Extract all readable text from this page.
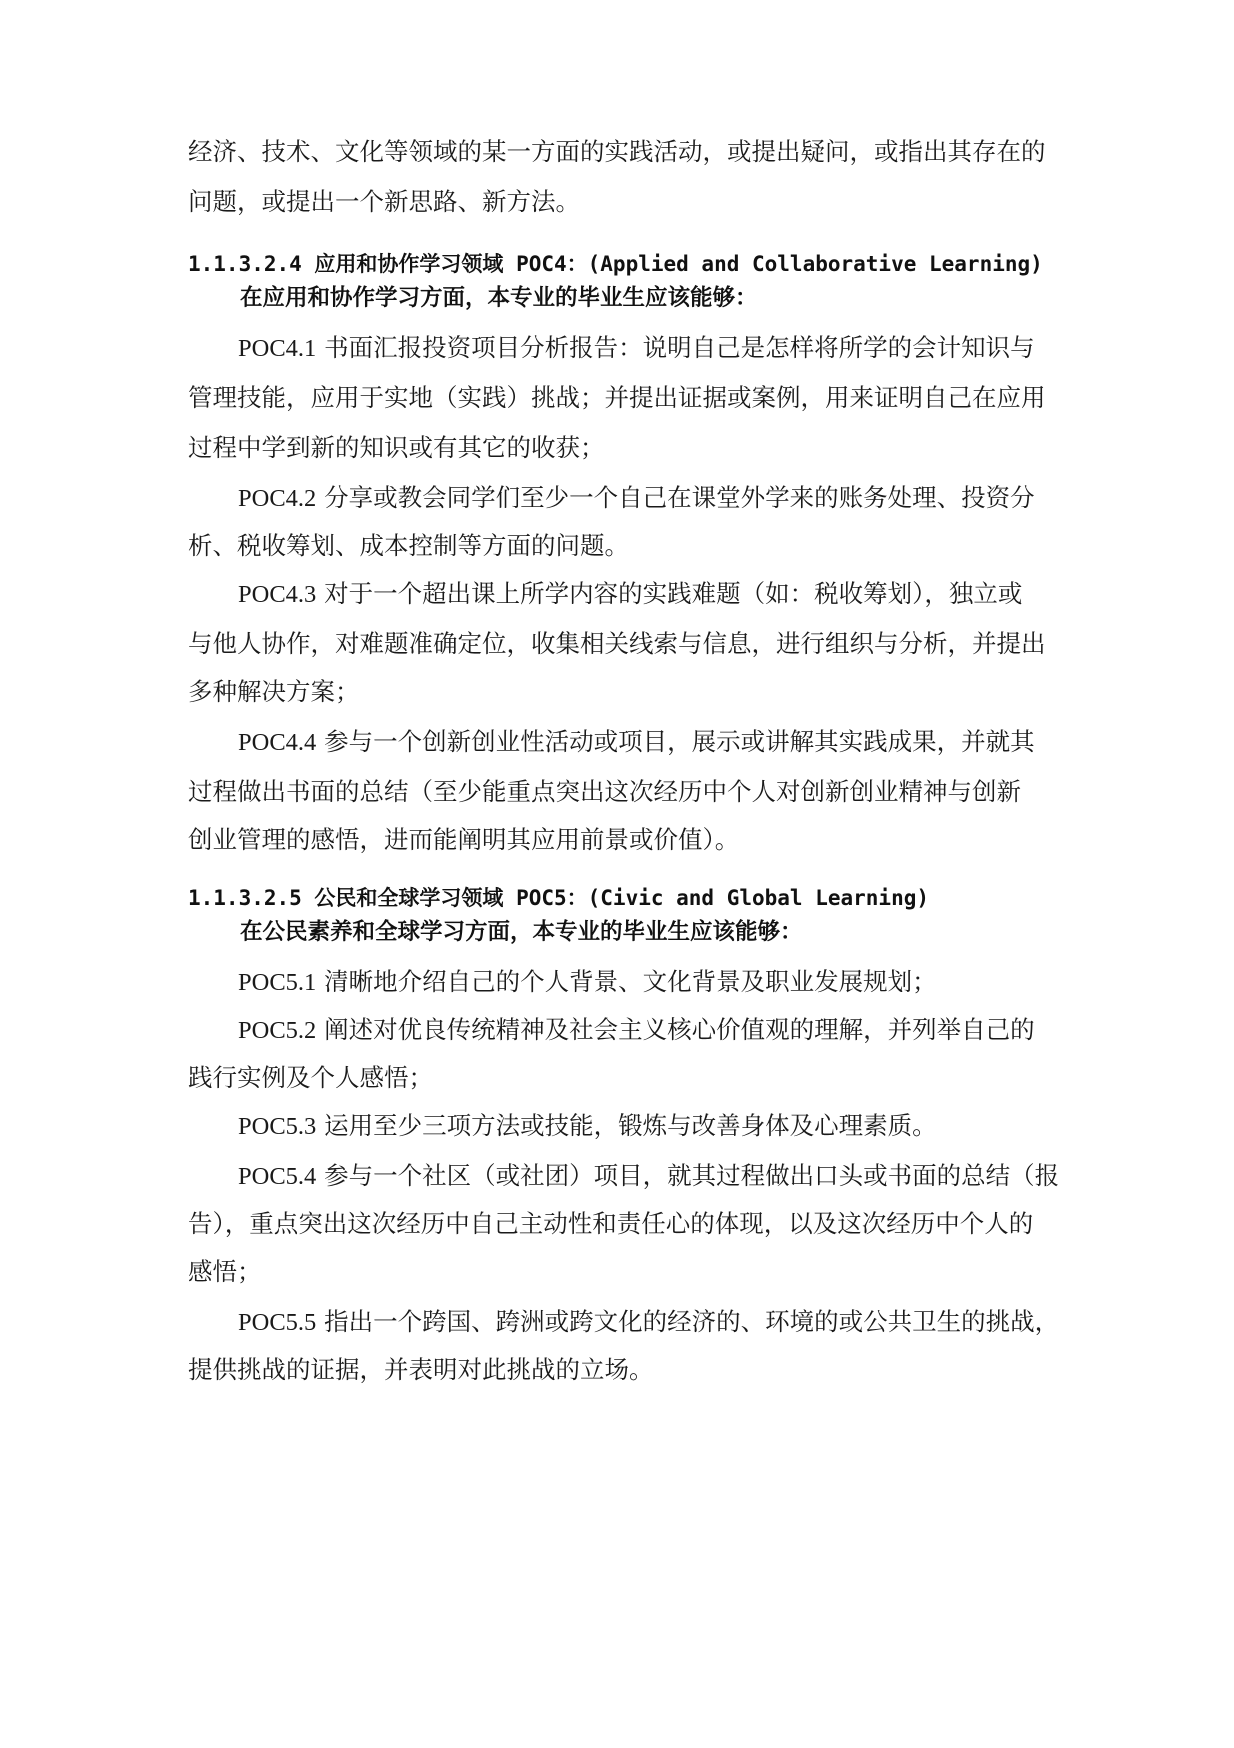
经济、技术、文化等领域的某一方面的实践活动，或提出疑问，或指出其存在的
问题，或提出一个新思路、新方法。
1.1.3.2.4 应用和协作学习领域 POC4：(Applied and Collaborative Learning)
在应用和协作学习方面，本专业的毕业生应该能够：
POC4.1 书面汇报投资项目分析报告：说明自己是怎样将所学的会计知识与
管理技能，应用于实地（实践）挑战；并提出证据或案例，用来证明自己在应用
过程中学到新的知识或有其它的收获；
POC4.2 分享或教会同学们至少一个自己在课堂外学来的账务处理、投资分
析、税收筹划、成本控制等方面的问题。
POC4.3 对于一个超出课上所学内容的实践难题（如：税收筹划），独立或
与他人协作，对难题准确定位，收集相关线索与信息，进行组织与分析，并提出
多种解决方案；
POC4.4 参与一个创新创业性活动或项目，展示或讲解其实践成果，并就其
过程做出书面的总结（至少能重点突出这次经历中个人对创新创业精神与创新
创业管理的感悟，进而能阐明其应用前景或价值）。
1.1.3.2.5 公民和全球学习领域 POC5：(Civic and Global Learning)
在公民素养和全球学习方面，本专业的毕业生应该能够：
POC5.1 清晰地介绍自己的个人背景、文化背景及职业发展规划；
POC5.2 阐述对优良传统精神及社会主义核心价值观的理解，并列举自己的
践行实例及个人感悟；
POC5.3 运用至少三项方法或技能，锻炼与改善身体及心理素质。
POC5.4 参与一个社区（或社团）项目，就其过程做出口头或书面的总结（报
告），重点突出这次经历中自己主动性和责任心的体现，以及这次经历中个人的
感悟；
POC5.5 指出一个跨国、跨洲或跨文化的经济的、环境的或公共卫生的挑战，
提供挑战的证据，并表明对此挑战的立场。
